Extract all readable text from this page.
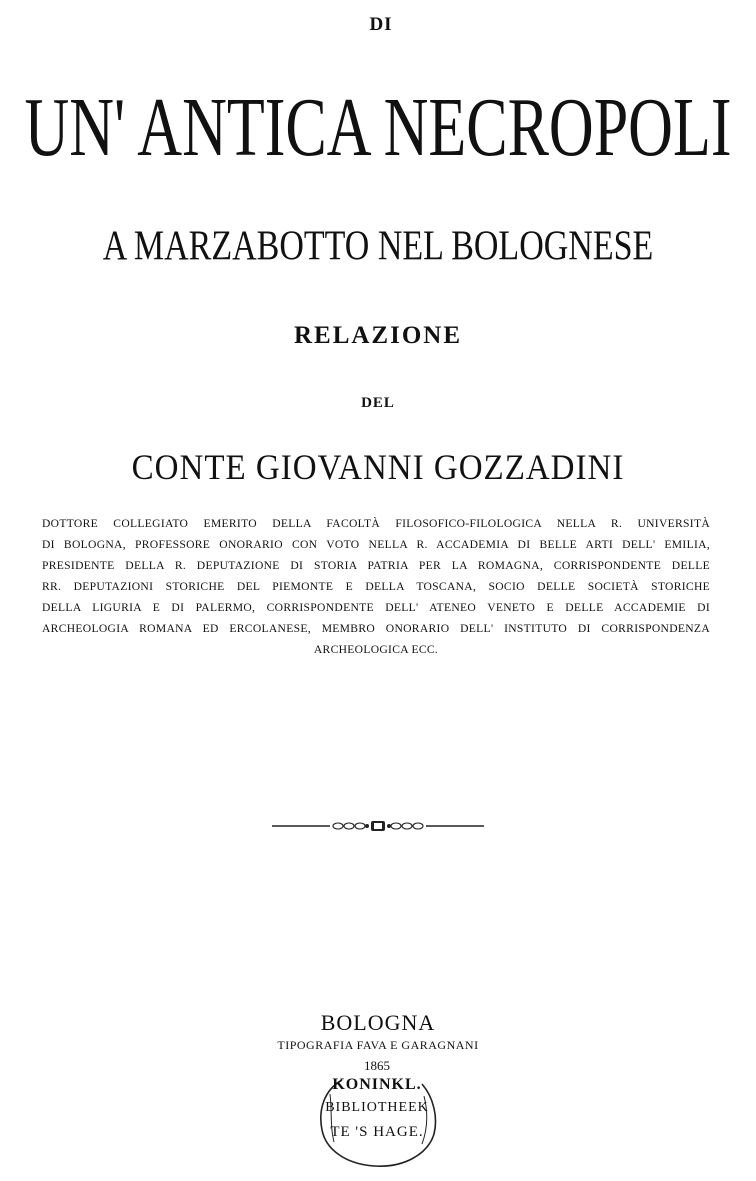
DI
UN' ANTICA NECROPOLI
A MARZABOTTO NEL BOLOGNESE
RELAZIONE
DEL
CONTE GIOVANNI GOZZADINI
DOTTORE COLLEGIATO EMERITO DELLA FACOLTÀ FILOSOFICO-FILOLOGICA NELLA R. UNIVERSITÀ
DI BOLOGNA, PROFESSORE ONORARIO CON VOTO NELLA R. ACCADEMIA DI BELLE ARTI DELL' EMILIA,
PRESIDENTE DELLA R. DEPUTAZIONE DI STORIA PATRIA PER LA ROMAGNA, CORRISPONDENTE DELLE
RR. DEPUTAZIONI STORICHE DEL PIEMONTE E DELLA TOSCANA, SOCIO DELLE SOCIETÀ STORICHE
DELLA LIGURIA E DI PALERMO, CORRISPONDENTE DELL' ATENEO VENETO E DELLE ACCADEMIE DI
ARCHEOLOGIA ROMANA ED ERCOLANESE, MEMBRO ONORARIO DELL' INSTITUTO DI CORRISPONDENZA
ARCHEOLOGICA ECC.
BOLOGNA
TIPOGRAFIA FAVA E GARAGNANI
1865
KONINKL.
BIBLIOTHEEK
TE 'S HAGE.
